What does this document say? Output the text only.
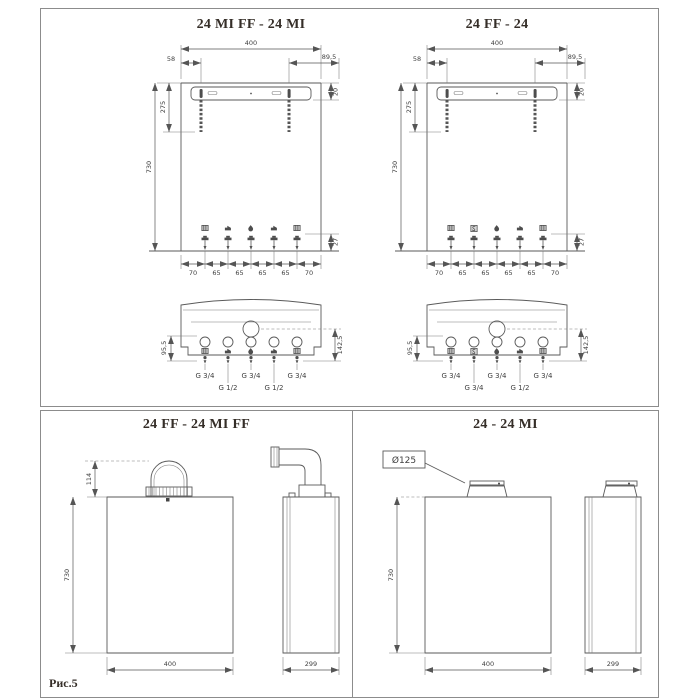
24 MI FF - 24 MI
400
58	89,5
275
20
730
27
70 65 65 65 65 70
G 3/4	G 3/4	G 3/4
G 1/2	G 1/2
95,5	142,5
24 FF - 24
400
58	89,5
275
20
730
27
70 65 65 65 65 70
G 3/4	G 3/4	G 3/4
G 3/4	G 1/2
95,5	142,5
24 FF - 24 MI FF
114
730
400	299
Рис.5
24 - 24 MI
Ø125
730
400	299
